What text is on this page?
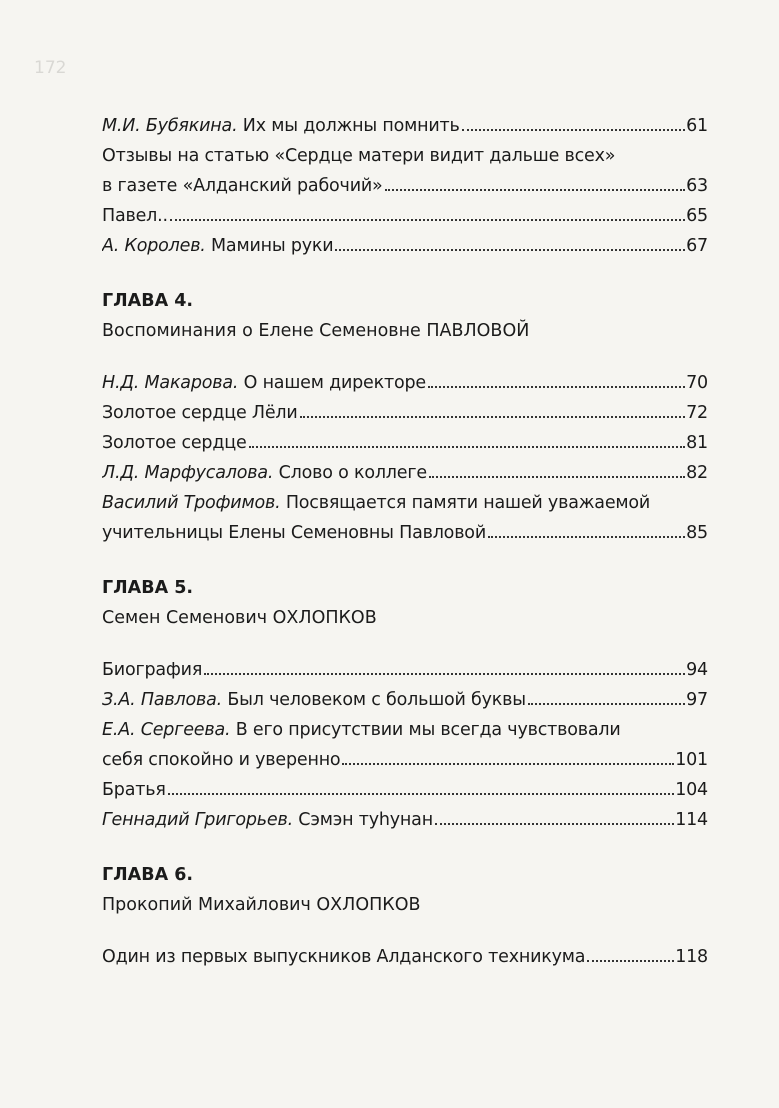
172
М.И. Бубякина. Их мы должны помнить	61
Отзывы на статью «Сердце матери видит дальше всех»
в газете «Алданский рабочий»	63
Павел..	65
А. Королев. Мамины руки	67
ГЛАВА 4.
Воспоминания о Елене Семеновне ПАВЛОВОЙ
Н.Д. Макарова. О нашем директоре	70
Золотое сердце Лёли	72
Золотое сердце	81
Л.Д. Марфусалова. Слово о коллеге	82
Василий Трофимов. Посвящается памяти нашей уважаемой
учительницы Елены Семеновны Павловой	85
ГЛАВА 5.
Семен Семенович ОХЛОПКОВ
Биография	94
З.А. Павлова. Был человеком с большой буквы	97
Е.А. Сергеева. В его присутствии мы всегда чувствовали
себя спокойно и уверенно	101
Братья	104
Геннадий Григорьев. Сэмэн туһунан	114
ГЛАВА 6.
Прокопий Михайлович ОХЛОПКОВ
Один из первых выпускников Алданского техникума	118
